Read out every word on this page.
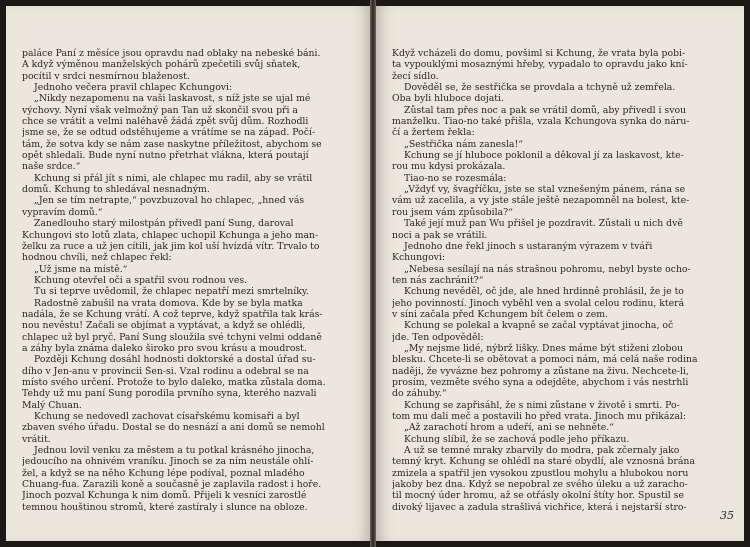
paláce Paní z měsíce jsou opravdu nad oblaky na nebeské báni.
A když výměnou manželských pohárů zpečetili svůj sňatek,
pocítil v srdci nesmírnou blaženost.
Jednoho večera pravil chlapec Kchungovi:
„Nikdy nezapomenu na vaši laskavost, s níž jste se ujal mé
výchovy. Nyní však velmožný pan Tan už skončil svou při a
chce se vrátit a velmi naléhavě žádá zpět svůj dům. Rozhodli
jsme se, že se odtud odstěhujeme a vrátíme se na západ. Počí-
tám, že sotva kdy se nám zase naskytne příležitost, abychom se
opět shledali. Bude nyní nutno přetrhat vlákna, která poutají
naše srdce.“
Kchung si přál jít s nimi, ale chlapec mu radil, aby se vrátil
domů. Kchung to shledával nesnadným.
„Jen se tím netrapte,“ povzbuzoval ho chlapec, „hned vás
vypravím domů.“
Zanedlouho starý milostpán přivedl paní Sung, daroval
Kchungovi sto lotů zlata, chlapec uchopil Kchunga a jeho man-
želku za ruce a už jen cítili, jak jim kol uší hvízdá vítr. Trvalo to
hodnou chvíli, než chlapec řekl:
„Už jsme na místě.“
Kchung otevřel oči a spatřil svou rodnou ves.
Tu si teprve uvědomil, že chlapec nepatří mezi smrtelníky.
Radostně zabušil na vrata domova. Kde by se byla matka
nadála, že se Kchung vrátí. A což teprve, když spatřila tak krás-
nou nevěstu! Začali se objímat a vyptávat, a když se ohlédli,
chlapec už byl pryč. Paní Sung sloužila své tchyni velmi oddaně
a záhy byla známa daleko široko pro svou krásu a moudrost.
Později Kchung dosáhl hodnosti doktorské a dostal úřad su-
dího v Jen-anu v provincii Šen-si. Vzal rodinu a odebral se na
místo svého určení. Protože to bylo daleko, matka zůstala doma.
Tehdy už mu paní Sung porodila prvního syna, kterého nazvali
Malý Chuan.
Kchung se nedovedl zachovat císařskému komisaři a byl
zbaven svého úřadu. Dostal se do nesnází a ani domů se nemohl
vrátit.
Jednou lovil venku za městem a tu potkal krásného jinocha,
jedoucího na ohnivém vraníku. Jinoch se za ním neustále ohlí-
žel, a když se na něho Kchung lépe podíval, poznal mladého
Chuang-fua. Zarazili koně a současně je zaplavila radost i hoře.
Jinoch pozval Kchunga k nim domů. Přijeli k vesnici zarostlé
temnou houštinou stromů, které zastíraly i slunce na obloze.
Když vcházeli do domu, povšiml si Kchung, že vrata byla pobi-
ta vypouklými mosaznými hřeby, vypadalo to opravdu jako kní-
žecí sídlo.
Dověděl se, že sestřička se provdala a tchyně už zemřela.
Oba byli hluboce dojati.
Zůstal tam přes noc a pak se vrátil domů, aby přivedl i svou
manželku. Tiao-no také přišla, vzala Kchungova synka do náru-
čí a žertem řekla:
„Sestřička nám zanesla!“
Kchung se jí hluboce poklonil a děkoval jí za laskavost, kte-
rou mu kdysi prokázala.
Tiao-no se rozesmála:
„Vždyť vy, švagříčku, jste se stal vznešeným pánem, rána se
vám už zacelila, a vy jste stále ještě nezapomněl na bolest, kte-
rou jsem vám způsobila?“
Také její muž pan Wu přišel je pozdravit. Zůstali u nich dvě
noci a pak se vrátili.
Jednoho dne řekl jinoch s ustaraným výrazem v tváři
Kchungovi:
„Nebesa sesílají na nás strašnou pohromu, nebyl byste ocho-
ten nás zachránit?“
Kchung nevěděl, oč jde, ale hned hrdinně prohlásil, že je to
jeho povinností. Jinoch vyběhl ven a svolal celou rodinu, která
v síni začala před Kchungem bít čelem o zem.
Kchung se polekal a kvapně se začal vyptávat jinocha, oč
jde. Ten odpověděl:
„My nejsme lidé, nýbrž lišky. Dnes máme být stiženi zlobou
blesku. Chcete-li se obětovat a pomoci nám, má celá naše rodina
naději, že vyvázne bez pohromy a zůstane na živu. Nechcete-li,
prosím, vezměte svého syna a odejděte, abychom i vás nestrhli
do záhuby.“
Kchung se zapřisáhl, že s nimi zůstane v životě i smrti. Po-
tom mu dali meč a postavili ho před vrata. Jinoch mu přikázal:
„Až zarachotí hrom a udeří, ani se nehněte.“
Kchung slíbil, že se zachová podle jeho příkazu.
A už se temné mraky zbarvily do modra, pak zčernaly jako
temný kryt. Kchung se ohlédl na staré obydlí, ale vznosná brána
zmizela a spatřil jen vysokou zpustlou mohylu a hlubokou noru
jakoby bez dna. Když se nepobral ze svého úleku a už zaracho-
til mocný úder hromu, až se otřásly okolní štíty hor. Spustil se
divoký lijavec a zadula strašlivá vichřice, která i nejstarší stro-
35
